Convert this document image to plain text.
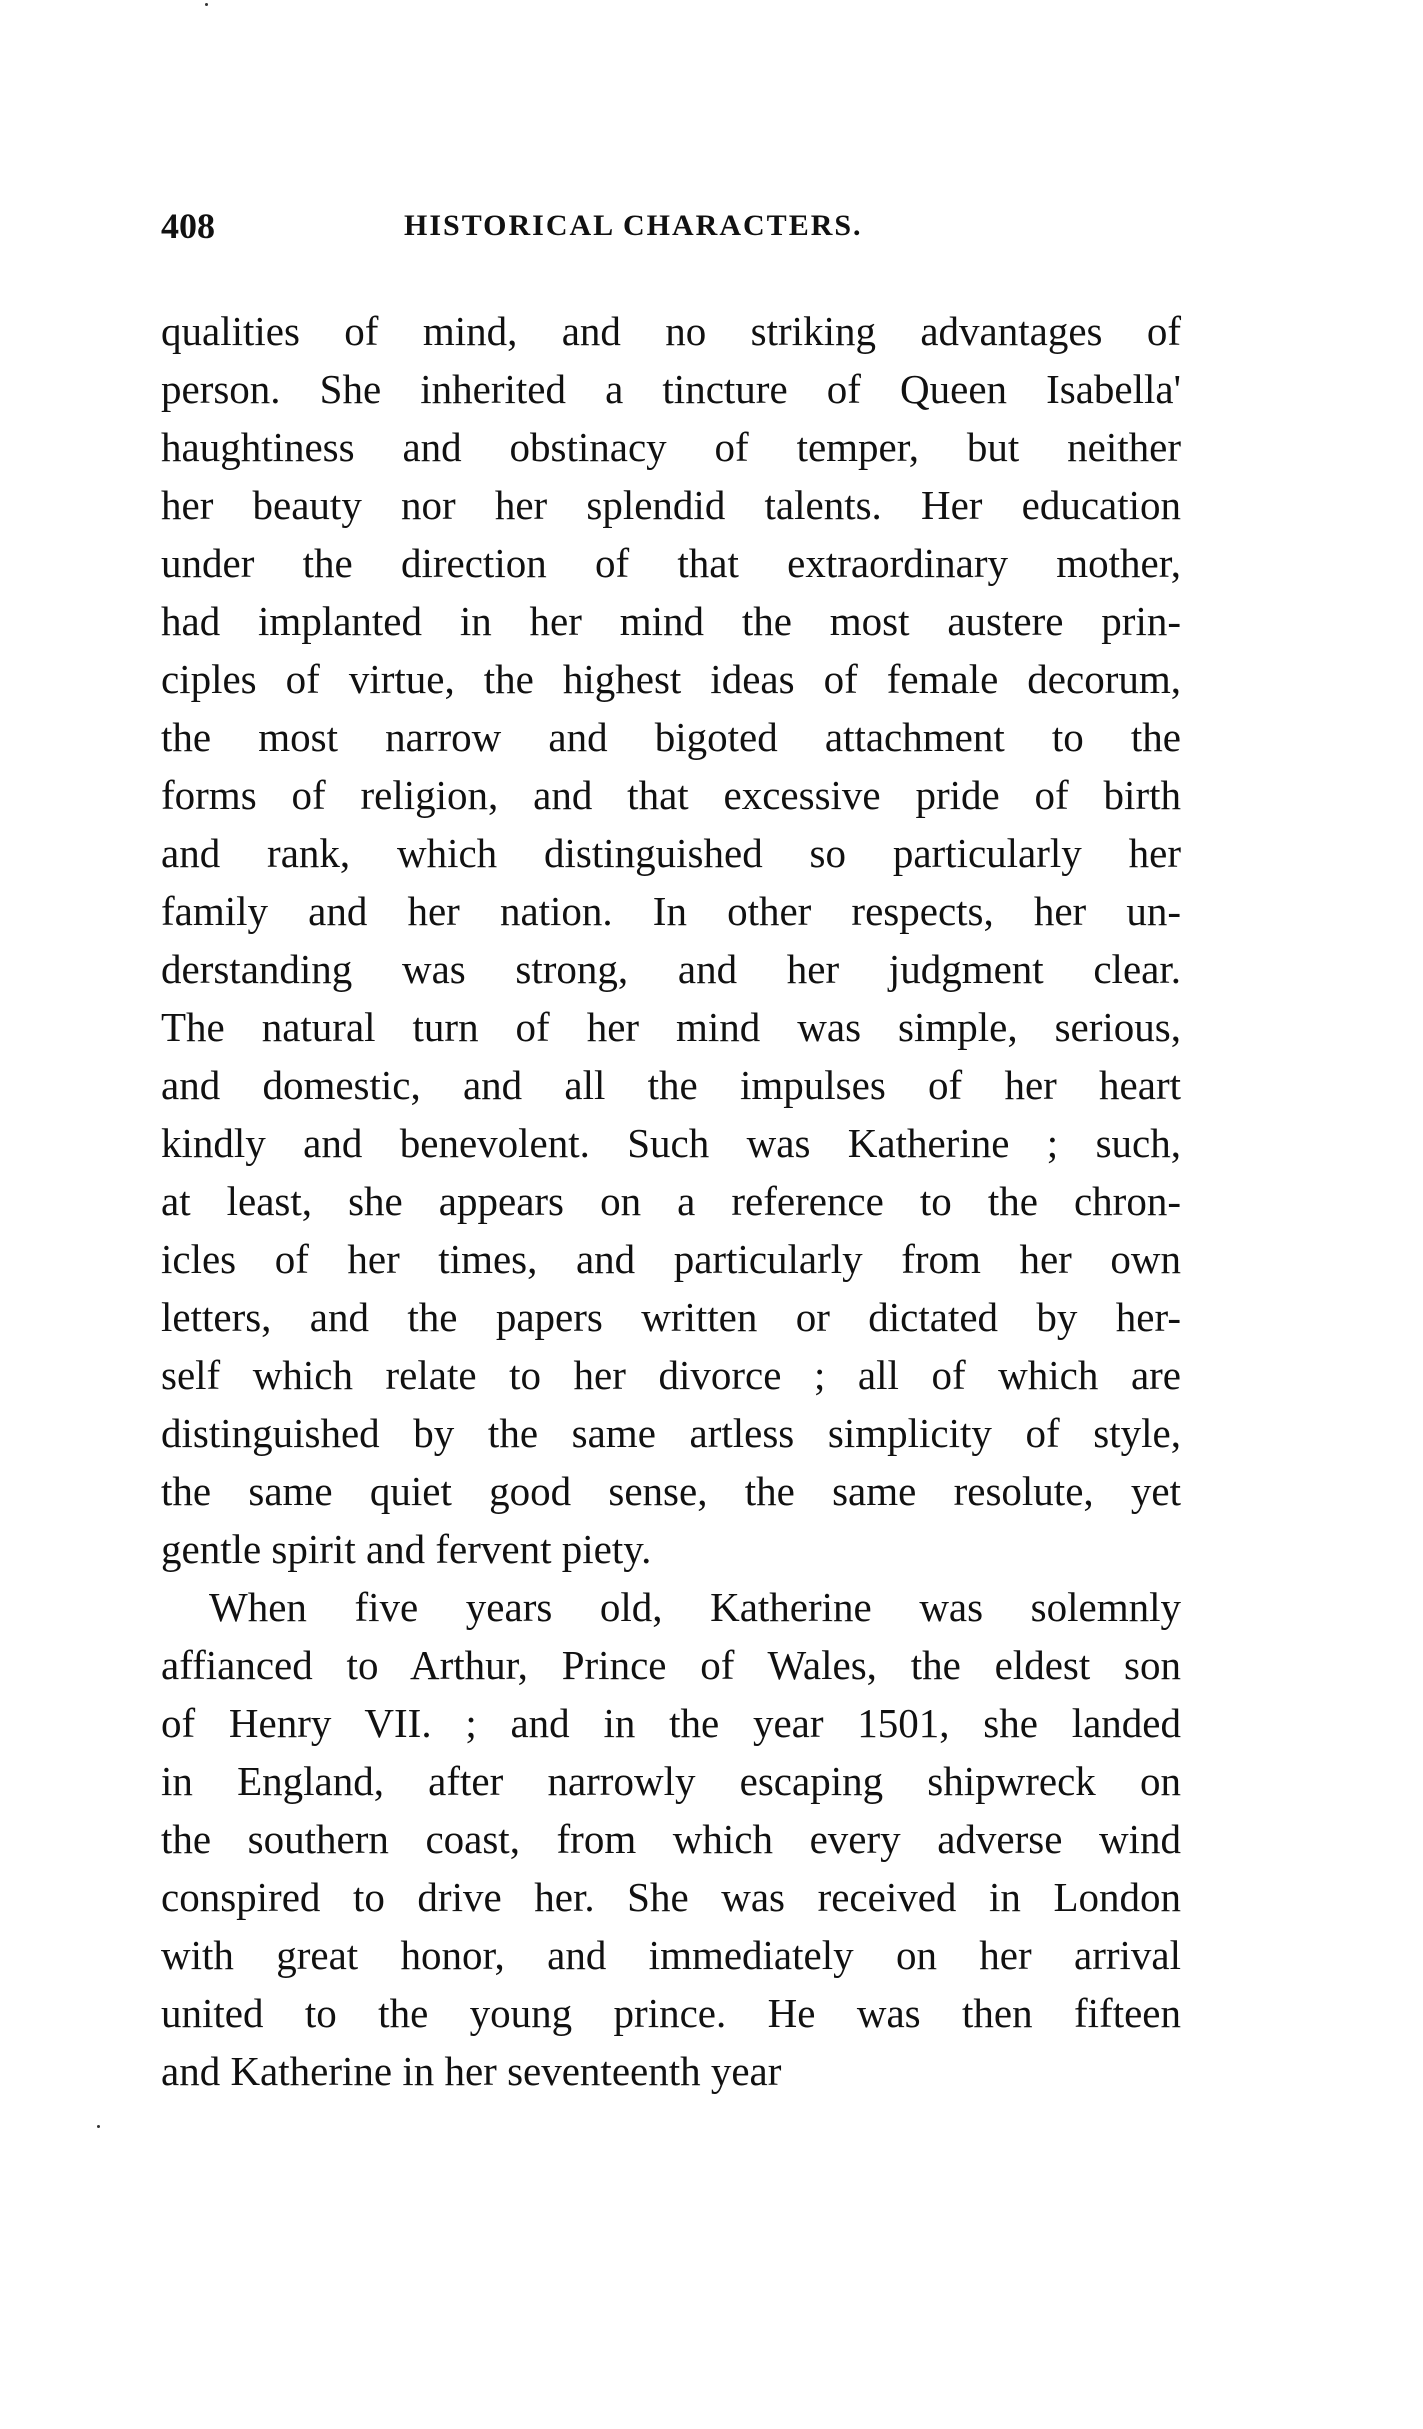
408	HISTORICAL CHARACTERS.
qualities of mind, and no striking advantages of
person. She inherited a tincture of Queen Isabella'
haughtiness and obstinacy of temper, but neither
her beauty nor her splendid talents. Her education
under the direction of that extraordinary mother,
had implanted in her mind the most austere prin-
ciples of virtue, the highest ideas of female decorum,
the most narrow and bigoted attachment to the
forms of religion, and that excessive pride of birth
and rank, which distinguished so particularly her
family and her nation. In other respects, her un-
derstanding was strong, and her judgment clear.
The natural turn of her mind was simple, serious,
and domestic, and all the impulses of her heart
kindly and benevolent. Such was Katherine ; such,
at least, she appears on a reference to the chron-
icles of her times, and particularly from her own
letters, and the papers written or dictated by her-
self which relate to her divorce ; all of which are
distinguished by the same artless simplicity of style,
the same quiet good sense, the same resolute, yet
gentle spirit and fervent piety.
When five years old, Katherine was solemnly
affianced to Arthur, Prince of Wales, the eldest son
of Henry VII. ; and in the year 1501, she landed
in England, after narrowly escaping shipwreck on
the southern coast, from which every adverse wind
conspired to drive her. She was received in London
with great honor, and immediately on her arrival
united to the young prince. He was then fifteen
and Katherine in her seventeenth year
